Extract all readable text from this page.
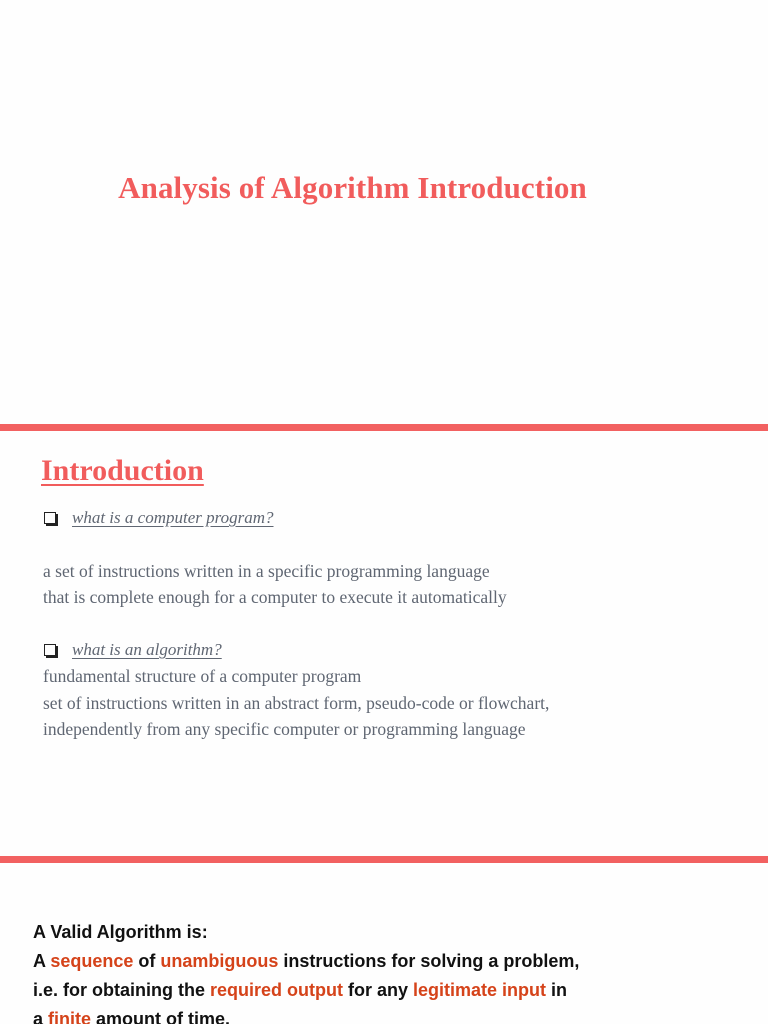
Analysis of Algorithm Introduction
Introduction
what is a computer program?

a set of instructions written in a specific programming language

that is complete enough for a computer to execute it automatically

what is an algorithm?

fundamental structure of a computer program

set of instructions written in an abstract form, pseudo-code or flowchart,

independently from any specific computer or programming language

A Valid Algorithm is:
A sequence of unambiguous instructions for solving a problem,
i.e. for obtaining the required output for any legitimate input in
a finite amount of time.
